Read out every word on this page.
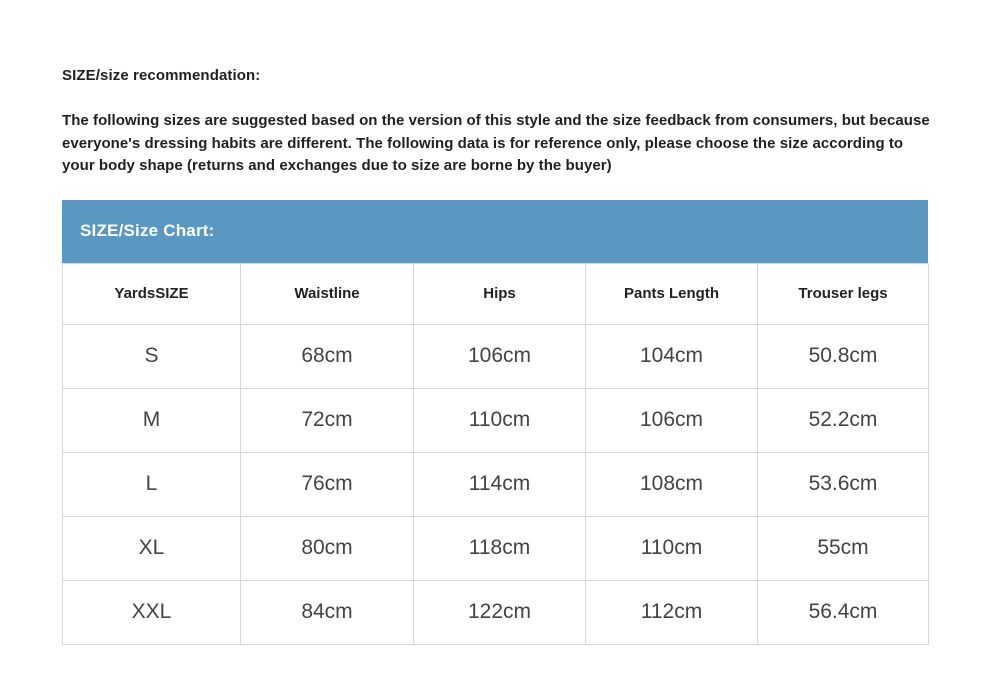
SIZE/size recommendation:
The following sizes are suggested based on the version of this style and the size feedback from consumers, but because everyone's dressing habits are different. The following data is for reference only, please choose the size according to your body shape (returns and exchanges due to size are borne by the buyer)
SIZE/Size Chart:
YardsSIZE	Waistline	Hips	Pants Length	Trouser legs
S	68cm	106cm	104cm	50.8cm
M	72cm	110cm	106cm	52.2cm
L	76cm	114cm	108cm	53.6cm
XL	80cm	118cm	110cm	55cm
XXL	84cm	122cm	112cm	56.4cm
